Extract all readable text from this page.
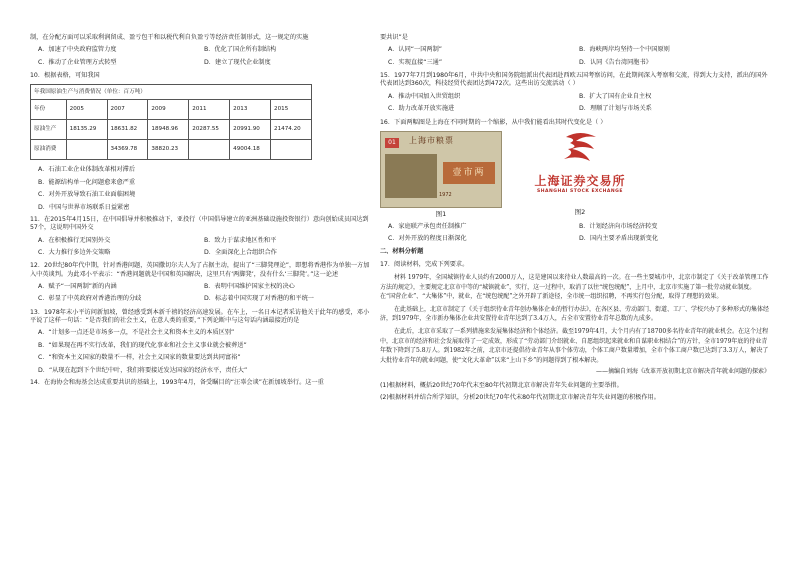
制，在分配方面可以采取利润留成、盈亏包干和以税代利自负盈亏等经济责任制形式，这一规定的实施
A．加速了中央政府监管力度	B．优化了国企所有制结构
C．推动了企业管理方式转型	D．建立了现代企业制度
10．根据表格，可知我国
年我国原油生产与消费情况（单位：百万吨）						
年份	2005	2007	2009	2011	2013	2015
原油生产	18135.29	18631.82	18948.96	20287.55	20991.90	21474.20
原油消费		34369.78	38820.23		49004.18	
A．石油工业企业体制改革相对滞后
B．能源结构单一化问题愈来愈严重
C．对外开放导致石油工业面临困境
D．中国与世界市场联系日益紧密
11．在2015年4月15日，在中国倡导并积极推动下，亚投行（中国倡导建立的亚洲基础设施投资银行）意向创始成员国达到57个，这说明中国外交
A．在积极推行无国别外交	B．致力于谋求地区性和平
C．大力推行多边外交策略	D．全面深化上合组织合作
12．20世纪80年代中期，针对香港问题，英国撒切尔夫人为了占据主动，提出了“三脚凳理论”，即想将香港作为单独一方加入中英谈判。为此邓小平表示：“香港问题就是中国和英国解决，这里只有‘两脚凳’，没有什么‘三脚凳’。”这一论述
A．赋予“一国两制”新的内涵	B．表明中国维护国家主权的决心
C．彰显了中英政府对香港治理的分歧	D．标志着中国实现了对香港的和平统一
13．1978年末小平访问新加坡，曾经感受到本新千禧的经济高速发展。在车上，一名日本记者采访他关于此年的感受，邓小平说了这样一句话：“是否我们的社会主义，在意人类的重要，”下列论断中与这句话内涵最接近的是
A．“计划多一点还是市场多一点，不是社会主义和资本主义的本质区别”
B．“如果现在再不实行改革，我们的现代化事业和社会主义事业就会被葬送”
C．“和资本主义国家的数量不一样，社会主义国家的数量要达到共同富裕”
D．“从现在起到下个世纪中叶，我们将要接近发达国家的经济水平，责任大”
14．在海协会和海基会达成重要共识的基础上，1993年4月，备受瞩目的“汪辜会谈”在新加坡举行。这一重
要共识”是
A．认同“一国两制”	B．海峡两岸均坚持一个中国原则
C．实现直接“三通”	D．认同《告台湾同胞书》
15．1977年7月到1980年6月，中共中央和国务院组派出代表团赴西欧五国考察访问，在此期间深入考察和交流，得到大力支持，派出的国外代表团达到360次，科技经贸代表团达到472次。这些出访交流活动（ ）
A．推动中国加入世贸组织	B．扩大了国有企业自主权
C．助力改革开放实施进	D．理顺了计划与市场关系
16．下面两幅图是上海在不同时期的一个缩影，从中我们能看出其时代变化是（ ）
01	上海市粮票
壹市两
1972
图1
上海证券交易所
SHANGHAI STOCK EXCHANGE
图2
A．家庭联产承包责任制推广	B．计划经济向市场经济转变
C．对外开放的程度日渐深化	D．国内主要矛盾出现新变化
二、材料分析题
17．阅读材料，完成下列要求。
材料 1979年，全国城镇待业人员约有2000万人，这是建国以来待业人数最高的一次。在一些主要城市中，北京市制定了《关于改革管理工作方法的规定》，主要规定北京市中等的“城镇就业”，实行，这一过程中，取消了以往“统包统配”，上月中，北京市实施了第一批劳动就业制度。在“国营企业”、“大集体”中，就业，在“统包统配”之外开辟了新途径，全市统一组织招聘，不再实行包分配，取得了理想的效果。
在此基础上，北京市制定了《关于组织待业青年创办集体企业的暂行办法》，在各区县、劳动部门、街道、工厂、学校兴办了多种形式的集体经济，到1979年，全市新办集体企业共安置待业青年达到了3.4万人，占全市安置待业青年总数的九成多。
在此后，北京市采取了一系列措施来发展集体经济和个体经济。截至1979年4月，大个月内有了18700多名待业青年的就业机会。在这个过程中，北京市的经济和社会发展取得了一定成效，形成了“劳动部门介绍就业、自愿组织起来就业和自谋职业相结合”的方针，全市1979年底的待业青年数下降到了5.8万人。到1982年之前，北京市还提倡待业青年从事个体劳动，个体工商户数量增加，全市个体工商户数已达到了3.3万人，解决了大批待业青年的就业问题，使“文化大革命”以来“上山下乡”的问题得到了根本解决。
——摘编自刘海《改革开放初期北京市解决青年就业问题的探索》
(1)根据材料，概括20世纪70年代末至80年代初期北京市解决青年失业问题的主要举措。
(2)根据材料并结合所学知识，分析20世纪70年代末80年代初期北京市解决青年失业问题的积极作用。
